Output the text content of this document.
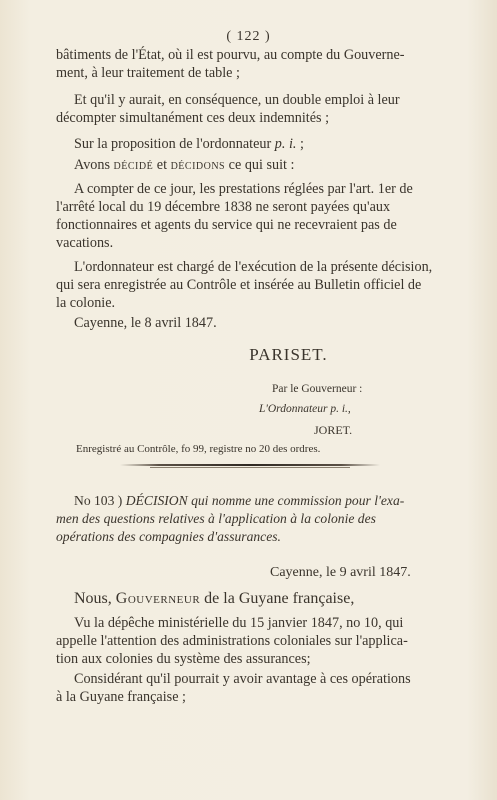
( 122 )
bâtiments de l'État, où il est pourvu, au compte du Gouverne-
ment, à leur traitement de table ;
Et qu'il y aurait, en conséquence, un double emploi à leur
décompter simultanément ces deux indemnités ;
Sur la proposition de l'ordonnateur p. i. ;
Avons décidé et décidons ce qui suit :
A compter de ce jour, les prestations réglées par l'art. 1er de
l'arrêté local du 19 décembre 1838 ne seront payées qu'aux
fonctionnaires et agents du service qui ne recevraient pas de
vacations.
L'ordonnateur est chargé de l'exécution de la présente décision,
qui sera enregistrée au Contrôle et insérée au Bulletin officiel de
la colonie.
Cayenne, le 8 avril 1847.
PARISET.
Par le Gouverneur :
L'Ordonnateur p. i.,
JORET.
Enregistré au Contrôle, fo 99, registre no 20 des ordres.
No 103 ) DÉCISION qui nomme une commission pour l'exa-
men des questions relatives à l'application à la colonie des
opérations des compagnies d'assurances.
Cayenne, le 9 avril 1847.
Nous, Gouverneur de la Guyane française,
Vu la dépêche ministérielle du 15 janvier 1847, no 10, qui
appelle l'attention des administrations coloniales sur l'applica-
tion aux colonies du système des assurances;
Considérant qu'il pourrait y avoir avantage à ces opérations
à la Guyane française ;
